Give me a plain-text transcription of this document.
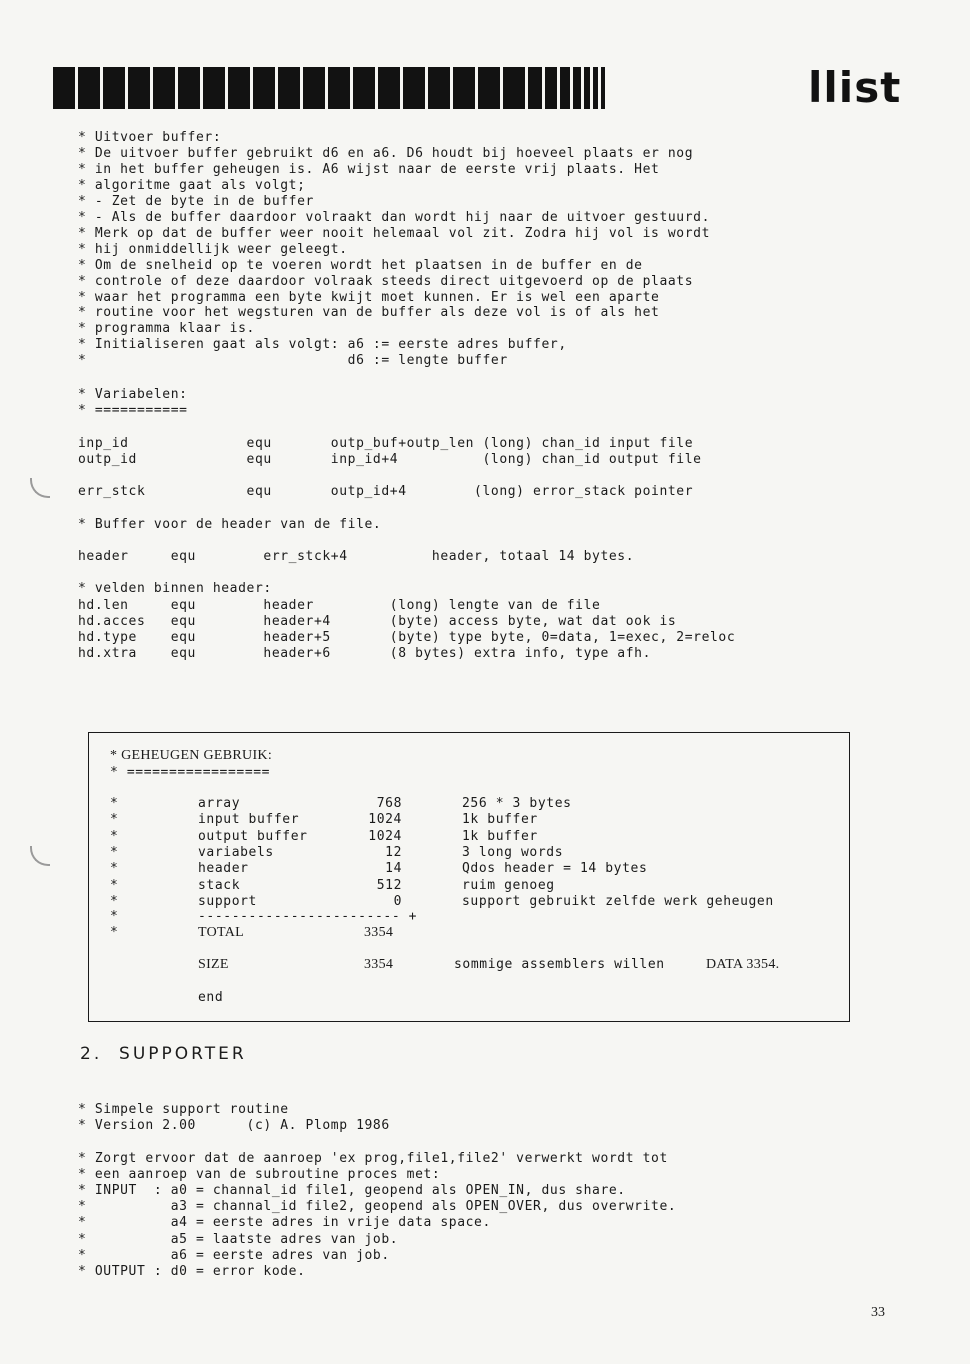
llist
* Uitvoer buffer:
* De uitvoer buffer gebruikt d6 en a6. D6 houdt bij hoeveel plaats er nog
* in het buffer geheugen is. A6 wijst naar de eerste vrij plaats. Het
* algoritme gaat als volgt;
* - Zet de byte in de buffer
* - Als de buffer daardoor volraakt dan wordt hij naar de uitvoer gestuurd.
* Merk op dat de buffer weer nooit helemaal vol zit. Zodra hij vol is wordt
* hij onmiddellijk weer geleegt.
* Om de snelheid op te voeren wordt het plaatsen in de buffer en de
* controle of deze daardoor volraak steeds direct uitgevoerd op de plaats
* waar het programma een byte kwijt moet kunnen. Er is wel een aparte
* routine voor het wegsturen van de buffer als deze vol is of als het
* programma klaar is.
* Initialiseren gaat als volgt: a6 := eerste adres buffer,
*                               d6 := lengte buffer
* Variabelen:
* ===========
inp_id              equ       outp_buf+outp_len (long) chan_id input file
outp_id             equ       inp_id+4          (long) chan_id output file
err_stck            equ       outp_id+4        (long) error_stack pointer
* Buffer voor de header van de file.
header     equ        err_stck+4          header, totaal 14 bytes.
* velden binnen header:
hd.len     equ        header         (long) lengte van de file
hd.acces   equ        header+4       (byte) access byte, wat dat ook is
hd.type    equ        header+5       (byte) type byte, 0=data, 1=exec, 2=reloc
hd.xtra    equ        header+6       (8 bytes) extra info, type afh.
* GEHEUGEN GEBRUIK:
* =================
*	array	768	256 * 3 bytes
*	input buffer	1024	1k buffer
*	output buffer	1024	1k buffer
*	variabels	12	3 long words
*	header	14	Qdos header = 14 bytes
*	stack	512	ruim genoeg
*	support	0	support gebruikt zelfde werk geheugen
*	------------------------ +
*	TOTAL	3354
SIZE	3354	sommige assemblers willen	DATA 3354.
end
2.  SUPPORTER
* Simpele support routine
* Version 2.00      (c) A. Plomp 1986
* Zorgt ervoor dat de aanroep 'ex prog,file1,file2' verwerkt wordt tot
* een aanroep van de subroutine proces met:
* INPUT  : a0 = channal_id file1, geopend als OPEN_IN, dus share.
*          a3 = channal_id file2, geopend als OPEN_OVER, dus overwrite.
*          a4 = eerste adres in vrije data space.
*          a5 = laatste adres van job.
*          a6 = eerste adres van job.
* OUTPUT : d0 = error kode.
33
